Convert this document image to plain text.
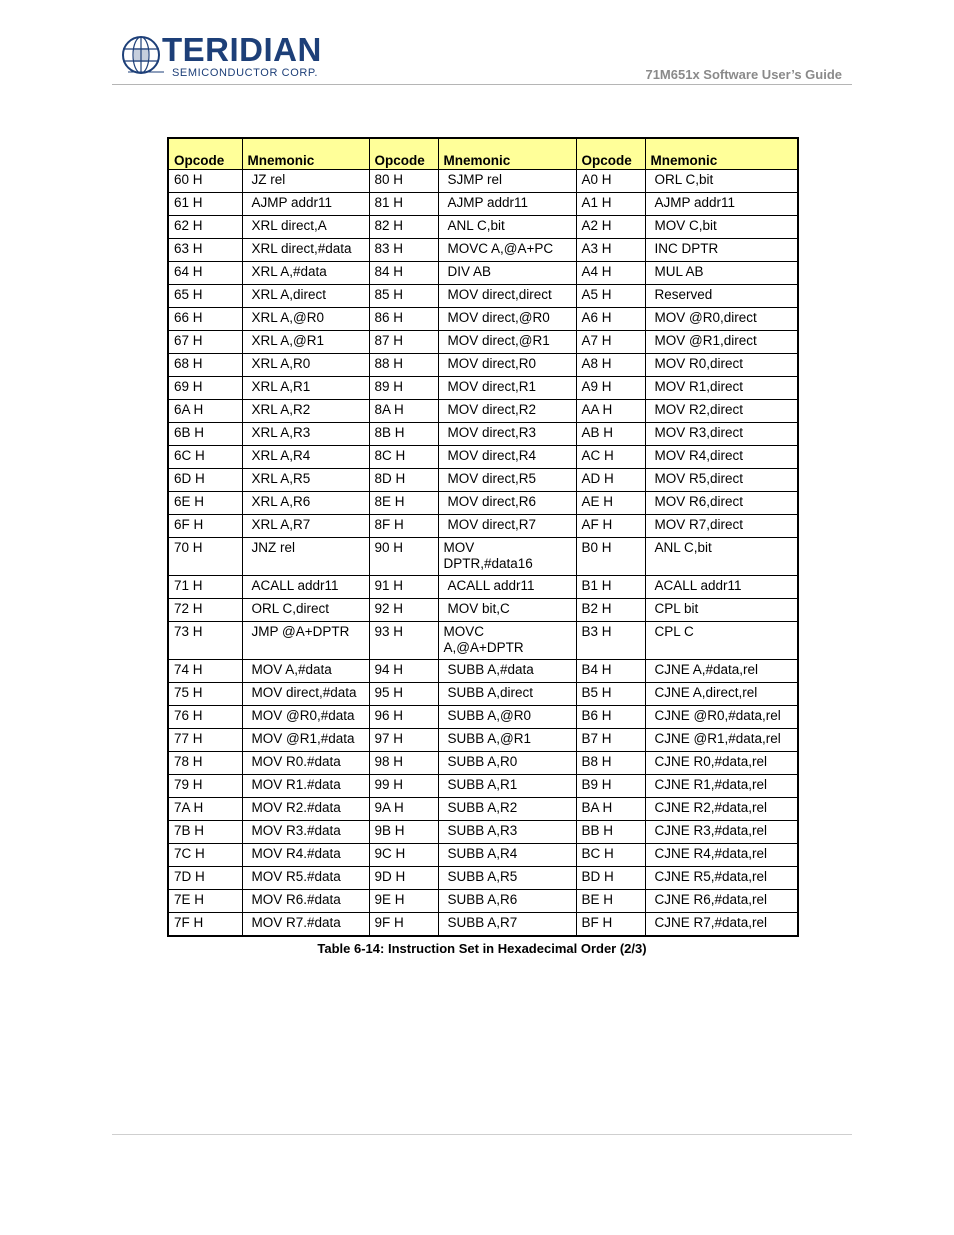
TERIDIAN
SEMICONDUCTOR CORP.	71M651x Software User’s Guide
Opcode	Mnemonic	Opcode	Mnemonic	Opcode	Mnemonic
60 H	JZ rel	80 H	SJMP rel	A0 H	ORL C,bit
61 H	AJMP addr11	81 H	AJMP addr11	A1 H	AJMP addr11
62 H	XRL direct,A	82 H	ANL C,bit	A2 H	MOV C,bit
63 H	XRL direct,#data	83 H	MOVC A,@A+PC	A3 H	INC DPTR
64 H	XRL A,#data	84 H	DIV AB	A4 H	MUL AB
65 H	XRL A,direct	85 H	MOV direct,direct	A5 H	Reserved
66 H	XRL A,@R0	86 H	MOV direct,@R0	A6 H	MOV @R0,direct
67 H	XRL A,@R1	87 H	MOV direct,@R1	A7 H	MOV @R1,direct
68 H	XRL A,R0	88 H	MOV direct,R0	A8 H	MOV R0,direct
69 H	XRL A,R1	89 H	MOV direct,R1	A9 H	MOV R1,direct
6A H	XRL A,R2	8A H	MOV direct,R2	AA H	MOV R2,direct
6B H	XRL A,R3	8B H	MOV direct,R3	AB H	MOV R3,direct
6C H	XRL A,R4	8C H	MOV direct,R4	AC H	MOV R4,direct
6D H	XRL A,R5	8D H	MOV direct,R5	AD H	MOV R5,direct
6E H	XRL A,R6	8E H	MOV direct,R6	AE H	MOV R6,direct
6F H	XRL A,R7	8F H	MOV direct,R7	AF H	MOV R7,direct
70 H	JNZ rel	90 H	MOV DPTR,#data16	B0 H	ANL C,bit
71 H	ACALL addr11	91 H	ACALL addr11	B1 H	ACALL addr11
72 H	ORL C,direct	92 H	MOV bit,C	B2 H	CPL bit
73 H	JMP @A+DPTR	93 H	MOVC A,@A+DPTR	B3 H	CPL C
74 H	MOV A,#data	94 H	SUBB A,#data	B4 H	CJNE A,#data,rel
75 H	MOV direct,#data	95 H	SUBB A,direct	B5 H	CJNE A,direct,rel
76 H	MOV @R0,#data	96 H	SUBB A,@R0	B6 H	CJNE @R0,#data,rel
77 H	MOV @R1,#data	97 H	SUBB A,@R1	B7 H	CJNE @R1,#data,rel
78 H	MOV R0.#data	98 H	SUBB A,R0	B8 H	CJNE R0,#data,rel
79 H	MOV R1.#data	99 H	SUBB A,R1	B9 H	CJNE R1,#data,rel
7A H	MOV R2.#data	9A H	SUBB A,R2	BA H	CJNE R2,#data,rel
7B H	MOV R3.#data	9B H	SUBB A,R3	BB H	CJNE R3,#data,rel
7C H	MOV R4.#data	9C H	SUBB A,R4	BC H	CJNE R4,#data,rel
7D H	MOV R5.#data	9D H	SUBB A,R5	BD H	CJNE R5,#data,rel
7E H	MOV R6.#data	9E H	SUBB A,R6	BE H	CJNE R6,#data,rel
7F H	MOV R7.#data	9F H	SUBB A,R7	BF H	CJNE R7,#data,rel
Table 6-14: Instruction Set in Hexadecimal Order (2/3)
